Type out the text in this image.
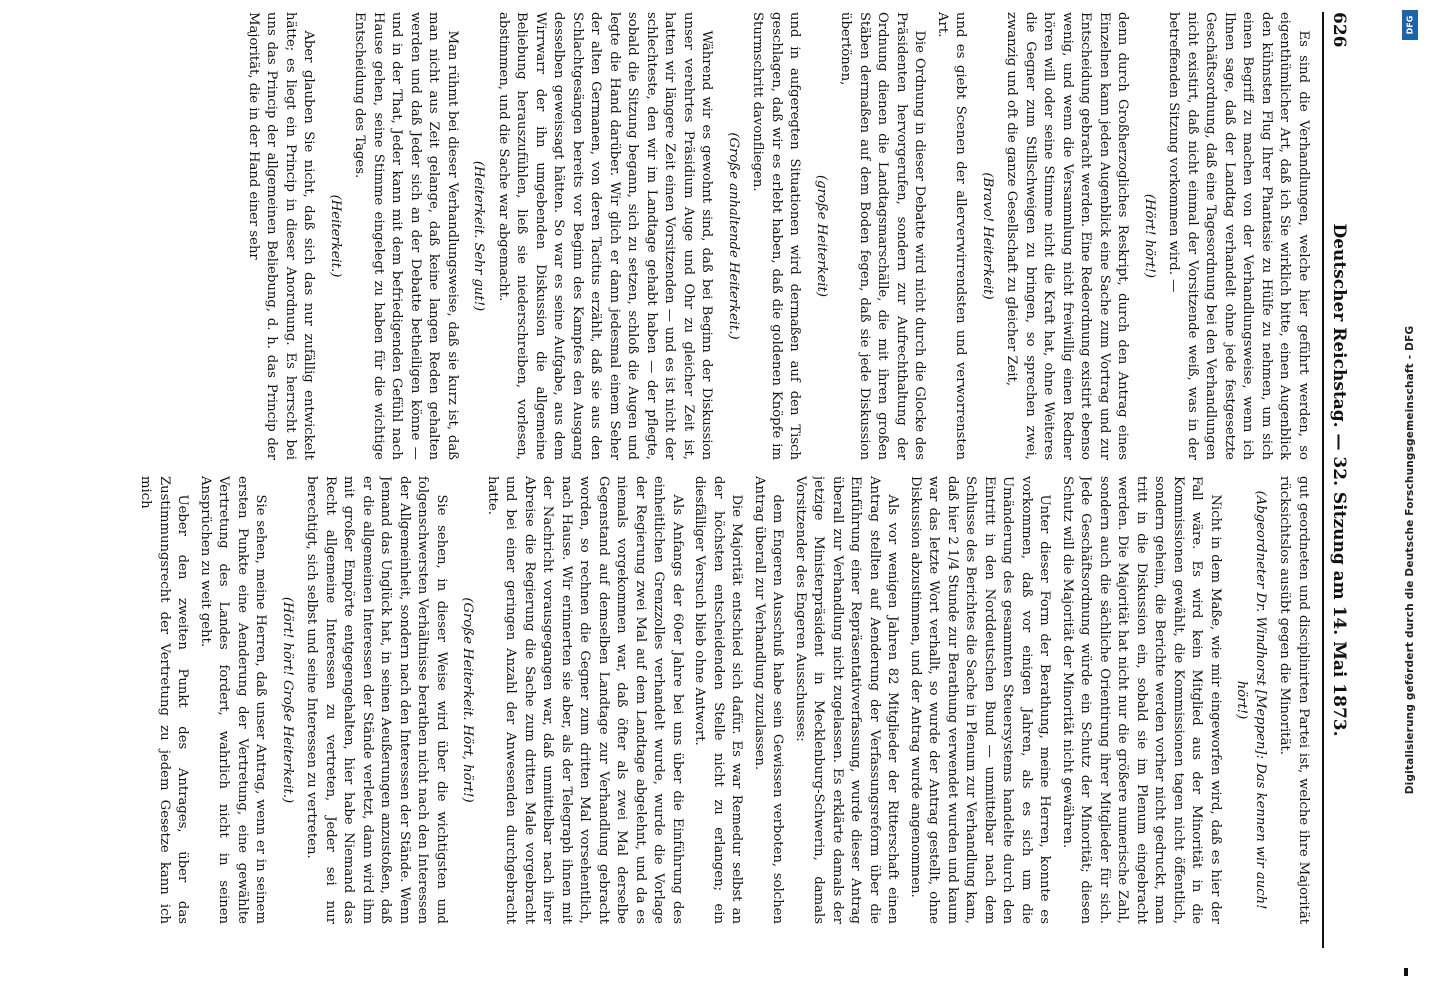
DFG
Digitalisierung gefördert durch die Deutsche Forschungsgemeinschaft - DFG
626
Deutscher Reichstag. — 32. Sitzung am 14. Mai 1873.
Es sind die Verhandlungen, welche hier geführt werden, so eigenthümlicher Art, daß ich Sie wirklich bitte, einen Augenblick den kühnsten Flug Ihrer Phantasie zu Hülfe zu nehmen, um sich einen Begriff zu machen von der Verhandlungsweise, wenn ich Ihnen sage, daß der Landtag verhandelt ohne jede festgesetzte Geschäftsordnung, daß eine Tagesordnung bei den Verhandlungen nicht existirt, daß nicht einmal der Vorsitzende weiß, was in der betreffenden Sitzung vorkommen wird. —
(Hört! hört!)
denn durch Großherzogliches Reskript, durch den Antrag eines Einzelnen kann jeden Augenblick eine Sache zum Vortrag und zur Entscheidung gebracht werden. Eine Redeordnung existirt ebenso wenig, und wenn die Versammlung nicht freiwillig einen Redner hören will oder seine Stimme nicht die Kraft hat, ohne Weiteres die Gegner zum Stillschweigen zu bringen, so sprechen zwei, zwanzig und oft die ganze Gesellschaft zu gleicher Zeit,
(Bravo! Heiterkeit)
und es giebt Scenen der allerverwirrendsten und verworrensten Art.
Die Ordnung in dieser Debatte wird nicht durch die Glocke des Präsidenten hervorgerufen, sondern zur Aufrechthaltung der Ordnung dienen die Landtagsmarschälle, die mit ihren großen Stäben dermaßen auf dem Boden fegen, daß sie jede Diskussion übertönen,
(große Heiterkeit)
und in aufgeregten Situationen wird dermaßen auf den Tisch geschlagen, daß wir es erlebt haben, daß die goldenen Knöpfe im Sturmschritt davonfliegen.
(Große anhaltende Heiterkeit.)
Während wir es gewohnt sind, daß bei Beginn der Diskussion unser verehrtes Präsidium Auge und Ohr zu gleicher Zeit ist, hatten wir längere Zeit einen Vorsitzenden — und es ist nicht der schlechteste, den wir im Landtage gehabt haben — der pflegte, sobald die Sitzung begann, sich zu setzen, schloß die Augen und legte die Hand darüber. Wir glich er dann jedesmal einem Seher der alten Germanen, von deren Tacitus erzählt, daß sie aus den Schlachtgesängen bereits vor Beginn des Kampfes den Ausgang desselben geweissagt hätten. So war es seine Aufgabe, aus dem Wirrwarr der ihn umgebenden Diskussion die allgemeine Beliebung herauszufühlen, ließ sie niederschreiben, vorlesen, abstimmen, und die Sache war abgemacht.
(Heiterkeit. Sehr gut!)
Man rühmt bei dieser Verhandlungsweise, daß sie kurz ist, daß man nicht aus Zeit gelange, daß keine langen Reden gehalten werden und daß Jeder sich an der Debatte betheiligen könne — und in der That, Jeder kann mit dem befriedigenden Gefühl nach Hause gehen, seine Stimme eingelegt zu haben für die wichtige Entscheidung des Tages.
(Heiterkeit.)
Aber glauben Sie nicht, daß sich das nur zufällig entwickelt hätte; es liegt ein Princip in dieser Anordnung. Es herrscht bei uns das Princip der allgemeinen Beliebung, d. h. das Princip der Majorität, die in der Hand einer sehr
gut geordneten und disciplinirten Partei ist, welche ihre Majorität rücksichtslos ausübt gegen die Minorität.
(Abgeordneter Dr. Windhorst [Meppen]: Das kennen wir auch! hört!)
Nicht in dem Maße, wie mir eingeworfen wird, daß es hier der Fall wäre. Es wird kein Mitglied aus der Minorität in die Kommissionen gewählt, die Kommissionen tagen nicht öffentlich, sondern geheim, die Berichte werden vorher nicht gedruckt, man tritt in die Diskussion ein, sobald sie im Plenum eingebracht werden. Die Majorität hat nicht nur die größere numerische Zahl, sondern auch die sächliche Orientirung ihrer Mitglieder für sich. Jede Geschäftsordnung würde ein Schutz der Minorität; diesen Schutz will die Majorität der Minorität nicht gewähren.
Unter dieser Form der Berathung, meine Herren, konnte es vorkommen, daß vor einigen Jahren, als es sich um die Umänderung des gesammten Steuersystems handelte durch den Eintritt in den Norddeutschen Bund — unmittelbar nach dem Schlusse des Berichtes die Sache in Plenum zur Verhandlung kam, daß hier 2 1/4 Stunde zur Berathung verwendet wurden und kaum war das letzte Wort verhallt, so wurde der Antrag gestellt, ohne Diskussion abzustimmen, und der Antrag wurde angenommen.
Als vor wenigen Jahren 82 Mitglieder der Ritterschaft einen Antrag stellten auf Aenderung der Verfassungsreform über die Einführung einer Repräsentativverfassung, wurde dieser Antrag überall zur Verhandlung nicht zugelassen. Es erklärte damals der jetzige Ministerpräsident in Mecklenburg-Schwerin, damals Vorsitzender des Engeren Ausschusses:
dem Engeren Ausschuß habe sein Gewissen verboten, solchen Antrag überall zur Verhandlung zuzulassen.
Die Majorität entschied sich dafür. Es war Remedur selbst an der höchsten entscheidenden Stelle nicht zu erlangen; ein diesfälliger Versuch blieb ohne Antwort.
Als Anfangs der 60er Jahre bei uns über die Einführung des einheitlichen Grenzzolles verhandelt wurde, wurde die Vorlage der Regierung zwei Mal auf dem Landtage abgelehnt, und da es niemals vorgekommen war, daß öfter als zwei Mal derselbe Gegenstand auf demselben Landtage zur Verhandlung gebracht worden, so rechnen die Gegner zum dritten Mal vorsehentlich, nach Hause. Wir erinnerten sie aber, als der Telegraph ihnen mit der Nachricht vorausgegangen war, daß unmittelbar nach ihrer Abreise die Regierung die Sache zum dritten Male vorgebracht und bei einer geringen Anzahl der Anwesenden durchgebracht hatte.
(Große Heiterkeit. Hört, hört!)
Sie sehen, in dieser Weise wird über die wichtigsten und folgenschwersten Verhältnisse berathen nicht nach den Interessen der Allgemeinheit, sondern nach den Interessen der Stände. Wenn Jemand das Unglück hat, in seinen Aeußerungen anzustoßen, daß er die allgemeinen Interessen der Stände verletzt, dann wird ihm mit großer Empörte entgegengehalten, hier habe Niemand das Recht allgemeine Interessen zu vertreten, Jeder sei nur berechtigt, sich selbst und seine Interessen zu vertreten.
(Hört! hört! Große Heiterkeit.)
Sie sehen, meine Herren, daß unser Antrag, wenn er in seinem ersten Punkte eine Aenderung der Vertretung, eine gewählte Vertretung des Landes fordert, wahrlich nicht in seinen Ansprüchen zu weit geht.
Ueber den zweiten Punkt des Antrages, über das Zustimmungsrecht der Vertretung zu jedem Gesetze kann ich mich
